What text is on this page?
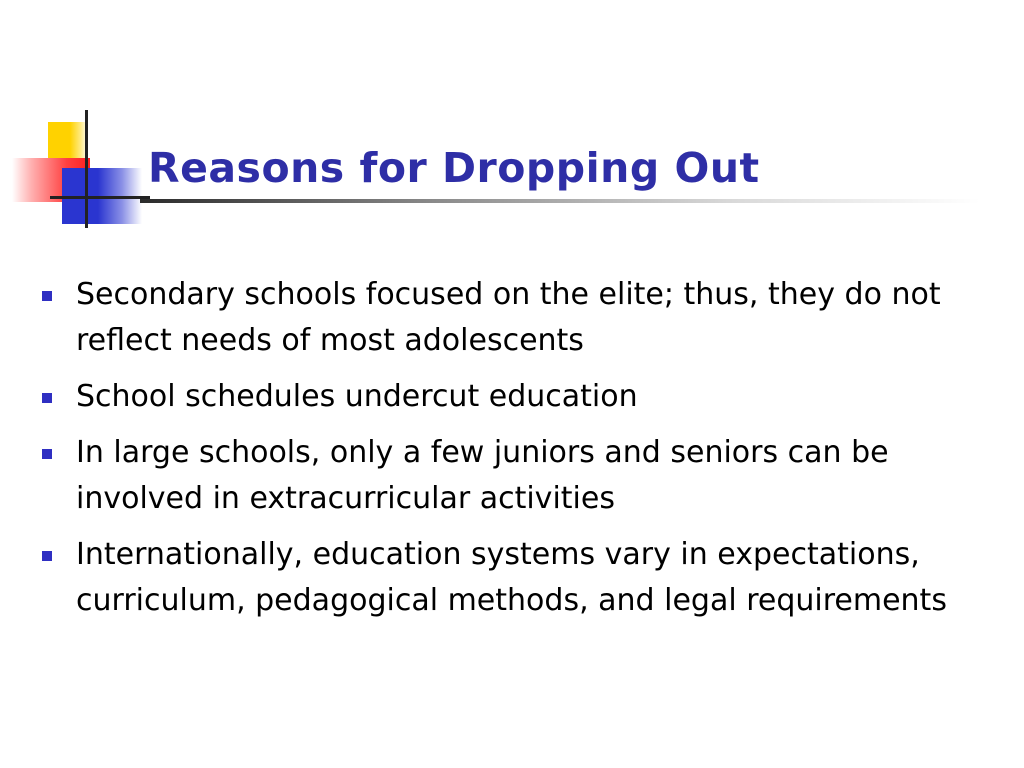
Reasons for Dropping Out
Secondary schools focused on the elite; thus, they do not reflect needs of most adolescents
School schedules undercut education
In large schools, only a few juniors and seniors can be involved in extracurricular activities
Internationally, education systems vary in expectations, curriculum, pedagogical methods, and legal requirements
